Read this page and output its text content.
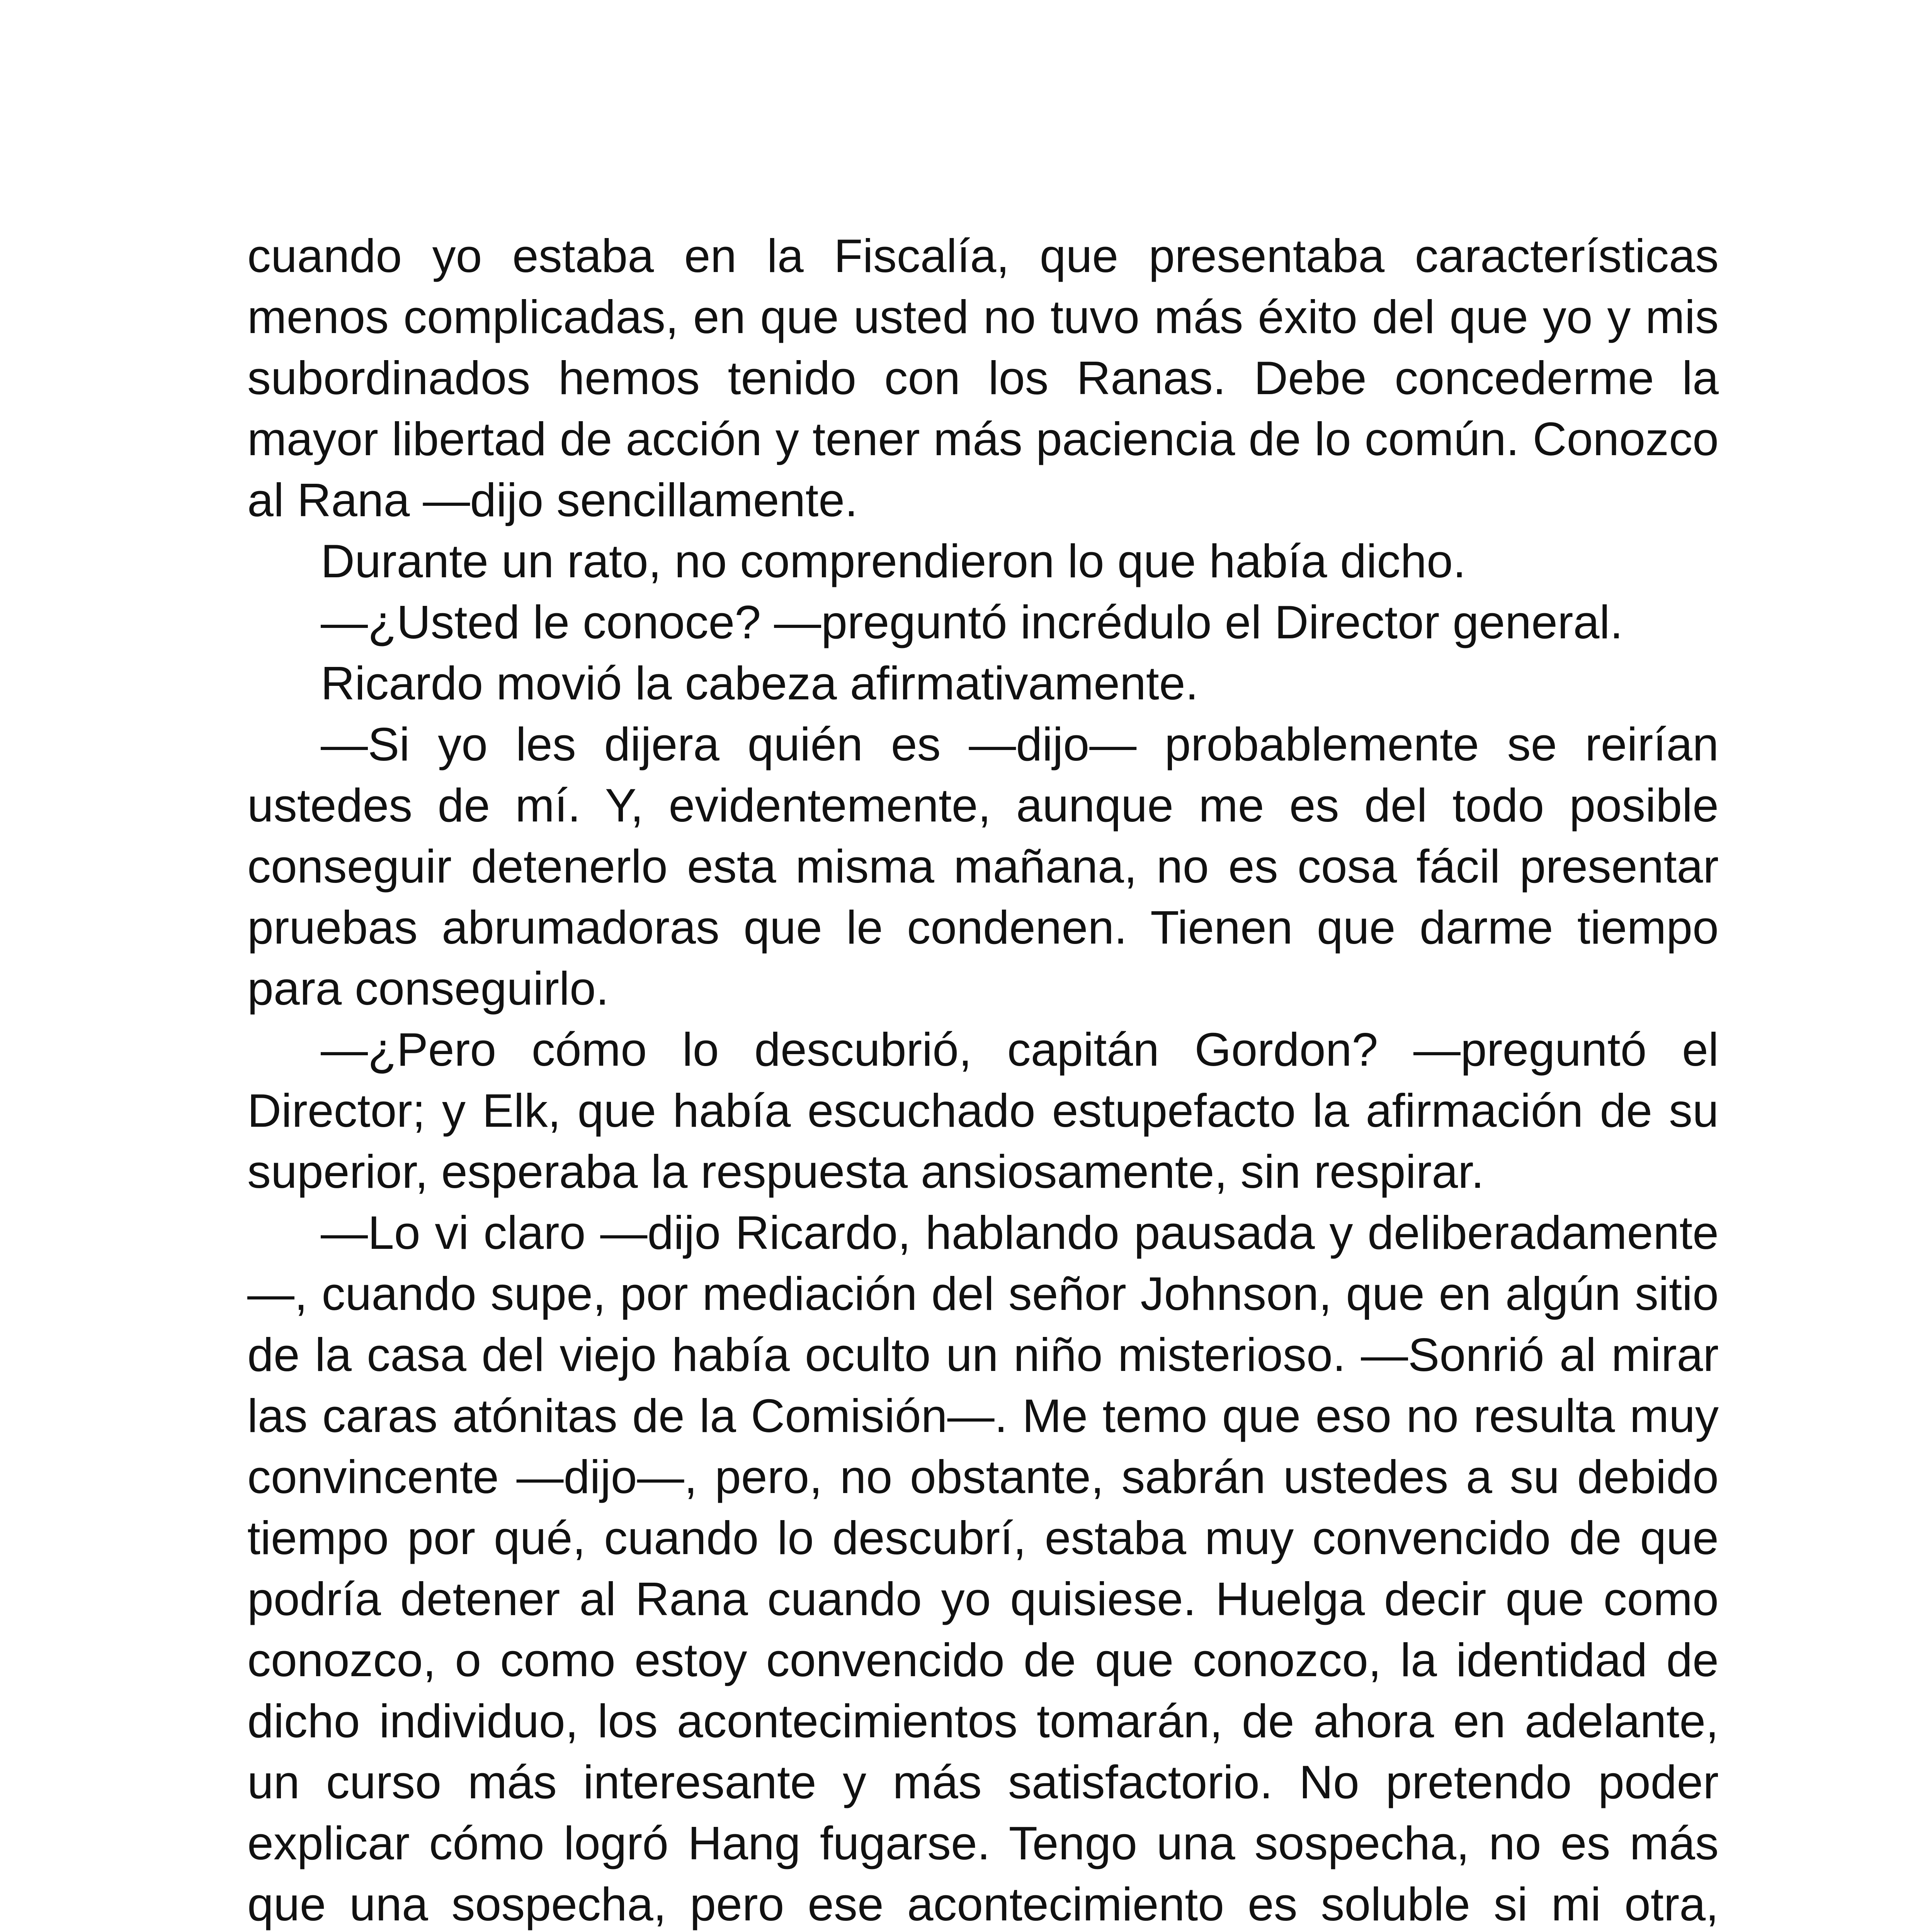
cuando yo estaba en la Fiscalía, que presentaba características menos complicadas, en que usted no tuvo más éxito del que yo y mis subordinados hemos tenido con los Ranas. Debe concederme la mayor libertad de acción y tener más paciencia de lo común. Conozco al Rana —dijo sencillamente.

Durante un rato, no comprendieron lo que había dicho.

—¿Usted le conoce? —preguntó incrédulo el Director general.

Ricardo movió la cabeza afirmativamente.

—Si yo les dijera quién es —dijo— probablemente se reirían ustedes de mí. Y, evidentemente, aunque me es del todo posible conseguir detenerlo esta misma mañana, no es cosa fácil presentar pruebas abrumadoras que le condenen. Tienen que darme tiempo para conseguirlo.

—¿Pero cómo lo descubrió, capitán Gordon? —preguntó el Director; y Elk, que había escuchado estupefacto la afirmación de su superior, esperaba la respuesta ansiosamente, sin respirar.

—Lo vi claro —dijo Ricardo, hablando pausada y deliberadamente —, cuando supe, por mediación del señor Johnson, que en algún sitio de la casa del viejo había oculto un niño misterioso. —Sonrió al mirar las caras atónitas de la Comisión—. Me temo que eso no resulta muy convincente —dijo—, pero, no obstante, sabrán ustedes a su debido tiempo por qué, cuando lo descubrí, estaba muy convencido de que podría detener al Rana cuando yo quisiese. Huelga decir que como conozco, o como estoy convencido de que conozco, la identidad de dicho individuo, los acontecimientos tomarán, de ahora en adelante, un curso más interesante y más satisfactorio. No pretendo poder explicar cómo logró Hang fugarse. Tengo una sospecha, no es más que una sospecha, pero ese acontecimiento es soluble si mi otra,
